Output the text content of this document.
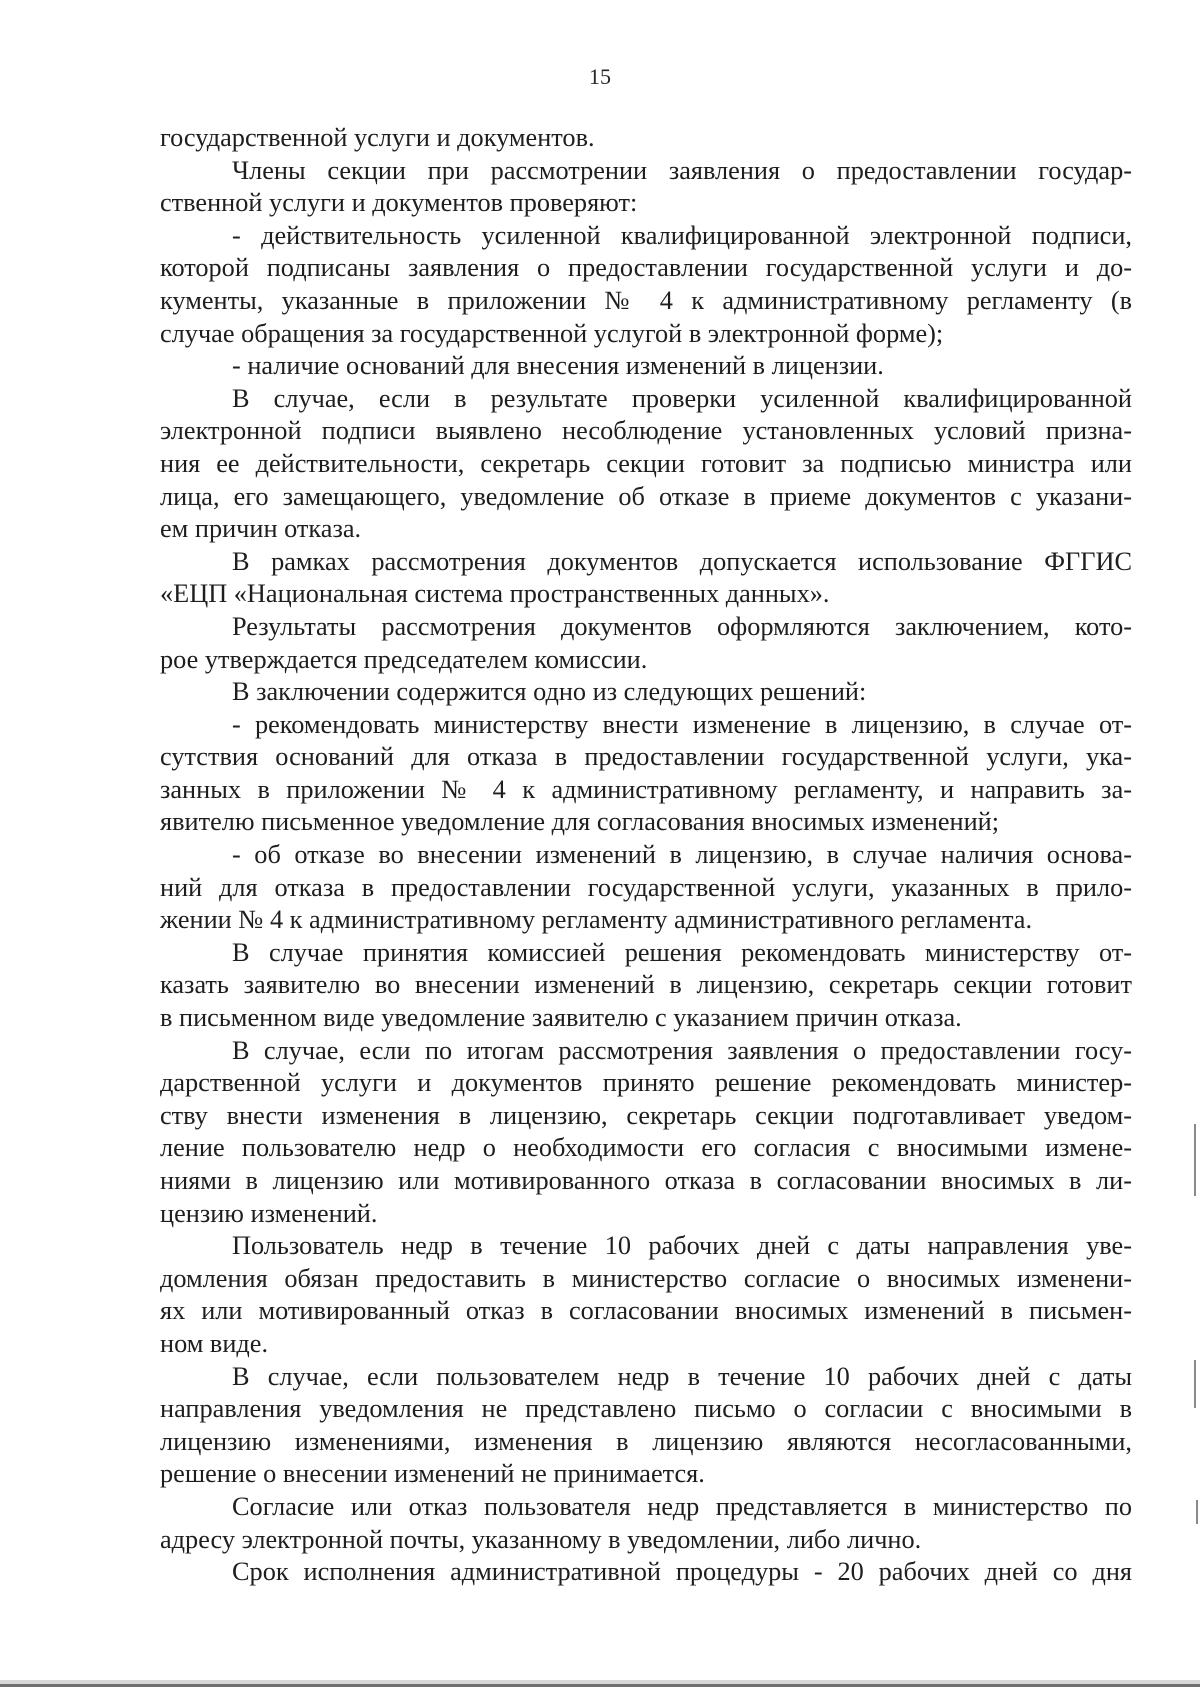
15
государственной услуги и документов.
Члены секции при рассмотрении заявления о предоставлении государ-
ственной услуги и документов проверяют:
- действительность усиленной квалифицированной электронной подписи,
которой подписаны заявления о предоставлении государственной услуги и до-
кументы, указанные в приложении № 4 к административному регламенту (в
случае обращения за государственной услугой в электронной форме);
- наличие оснований для внесения изменений в лицензии.
В случае, если в результате проверки усиленной квалифицированной
электронной подписи выявлено несоблюдение установленных условий призна-
ния ее действительности, секретарь секции готовит за подписью министра или
лица, его замещающего, уведомление об отказе в приеме документов с указани-
ем причин отказа.
В рамках рассмотрения документов допускается использование ФГГИС
«ЕЦП «Национальная система пространственных данных».
Результаты рассмотрения документов оформляются заключением, кото-
рое утверждается председателем комиссии.
В заключении содержится одно из следующих решений:
- рекомендовать министерству внести изменение в лицензию, в случае от-
сутствия оснований для отказа в предоставлении государственной услуги, ука-
занных в приложении № 4 к административному регламенту, и направить за-
явителю письменное уведомление для согласования вносимых изменений;
- об отказе во внесении изменений в лицензию, в случае наличия основа-
ний для отказа в предоставлении государственной услуги, указанных в прило-
жении № 4 к административному регламенту административного регламента.
В случае принятия комиссией решения рекомендовать министерству от-
казать заявителю во внесении изменений в лицензию, секретарь секции готовит
в письменном виде уведомление заявителю с указанием причин отказа.
В случае, если по итогам рассмотрения заявления о предоставлении госу-
дарственной услуги и документов принято решение рекомендовать министер-
ству внести изменения в лицензию, секретарь секции подготавливает уведом-
ление пользователю недр о необходимости его согласия с вносимыми измене-
ниями в лицензию или мотивированного отказа в согласовании вносимых в ли-
цензию изменений.
Пользователь недр в течение 10 рабочих дней с даты направления уве-
домления обязан предоставить в министерство согласие о вносимых изменени-
ях или мотивированный отказ в согласовании вносимых изменений в письмен-
ном виде.
В случае, если пользователем недр в течение 10 рабочих дней с даты
направления уведомления не представлено письмо о согласии с вносимыми в
лицензию изменениями, изменения в лицензию являются несогласованными,
решение о внесении изменений не принимается.
Согласие или отказ пользователя недр представляется в министерство по
адресу электронной почты, указанному в уведомлении, либо лично.
Срок исполнения административной процедуры - 20 рабочих дней со дня
